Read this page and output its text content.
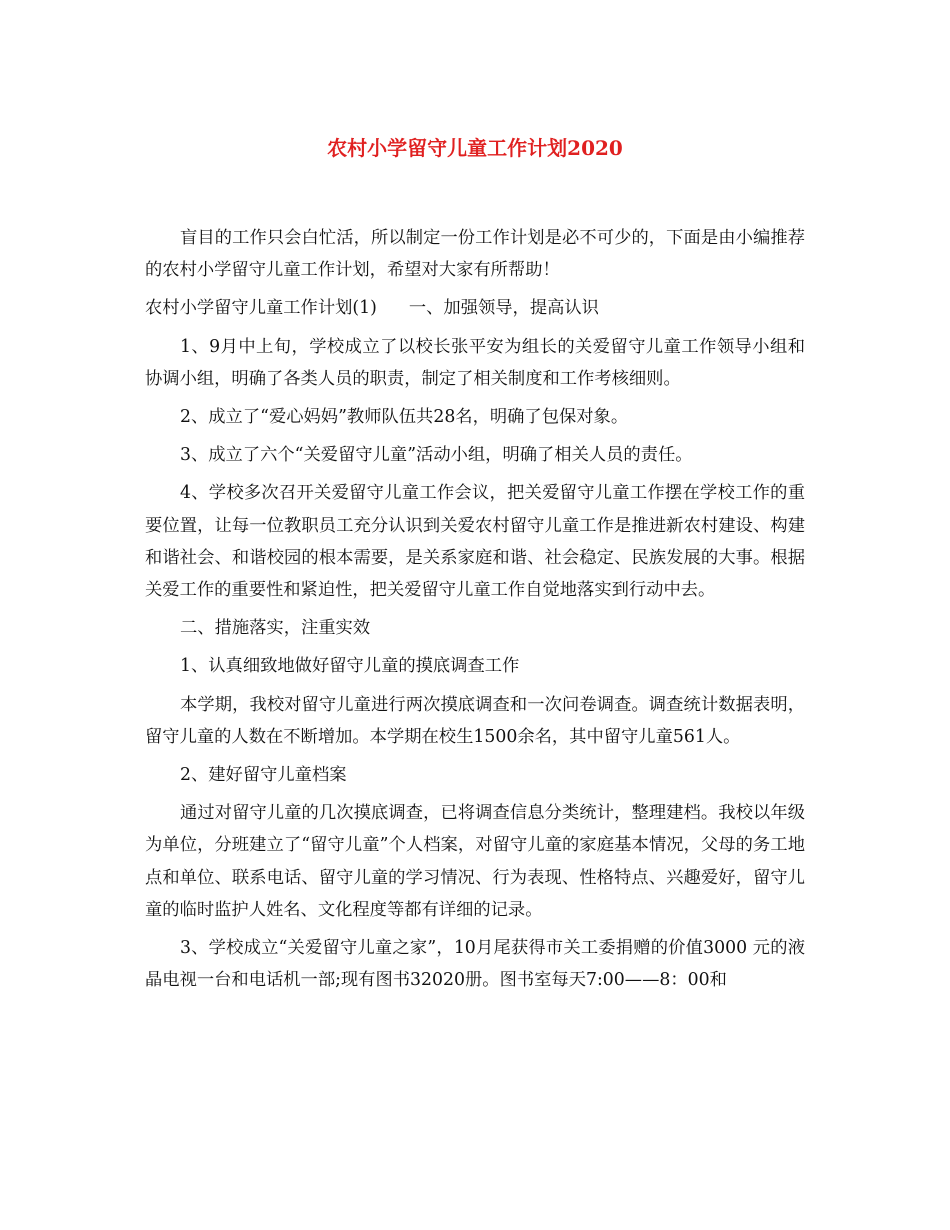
农村小学留守儿童工作计划2020

盲目的工作只会白忙活，所以制定一份工作计划是必不可少的，下面是由小编推荐的农村小学留守儿童工作计划，希望对大家有所帮助！

农村小学留守儿童工作计划(1) 一、加强领导，提高认识

1、9月中上旬，学校成立了以校长张平安为组长的关爱留守儿童工作领导小组和协调小组，明确了各类人员的职责，制定了相关制度和工作考核细则。

2、成立了“爱心妈妈”教师队伍共28名，明确了包保对象。

3、成立了六个“关爱留守儿童”活动小组，明确了相关人员的责任。

4、学校多次召开关爱留守儿童工作会议，把关爱留守儿童工作摆在学校工作的重要位置，让每一位教职员工充分认识到关爱农村留守儿童工作是推进新农村建设、构建和谐社会、和谐校园的根本需要，是关系家庭和谐、社会稳定、民族发展的大事。根据关爱工作的重要性和紧迫性，把关爱留守儿童工作自觉地落实到行动中去。

二、措施落实，注重实效

1、认真细致地做好留守儿童的摸底调查工作

本学期，我校对留守儿童进行两次摸底调查和一次问卷调查。调查统计数据表明，留守儿童的人数在不断增加。本学期在校生1500余名，其中留守儿童561人。

2、建好留守儿童档案

通过对留守儿童的几次摸底调查，已将调查信息分类统计，整理建档。我校以年级为单位，分班建立了“留守儿童”个人档案，对留守儿童的家庭基本情况，父母的务工地点和单位、联系电话、留守儿童的学习情况、行为表现、性格特点、兴趣爱好，留守儿童的临时监护人姓名、文化程度等都有详细的记录。

3、学校成立“关爱留守儿童之家”，10月尾获得市关工委捐赠的价值3000 元的液晶电视一台和电话机一部;现有图书32020册。图书室每天7:00——8：00和
